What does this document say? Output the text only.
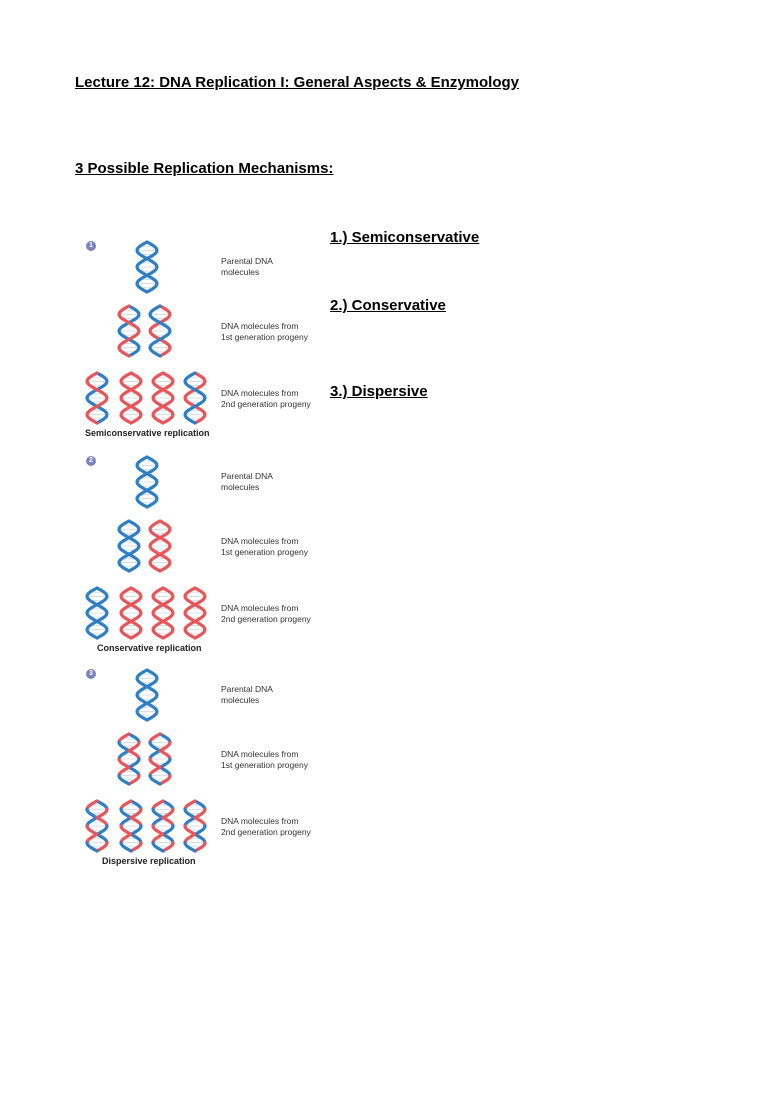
Lecture 12: DNA Replication I: General Aspects & Enzymology
3 Possible Replication Mechanisms:
1.) Semiconservative
2.) Conservative
3.) Dispersive
1
Parental DNA
molecules
DNA molecules from
1st generation progeny
DNA molecules from
2nd generation progeny
Semiconservative replication
2
Parental DNA
molecules
DNA molecules from
1st generation progeny
DNA molecules from
2nd generation progeny
Conservative replication
3
Parental DNA
molecules
DNA molecules from
1st generation progeny
DNA molecules from
2nd generation progeny
Dispersive replication
